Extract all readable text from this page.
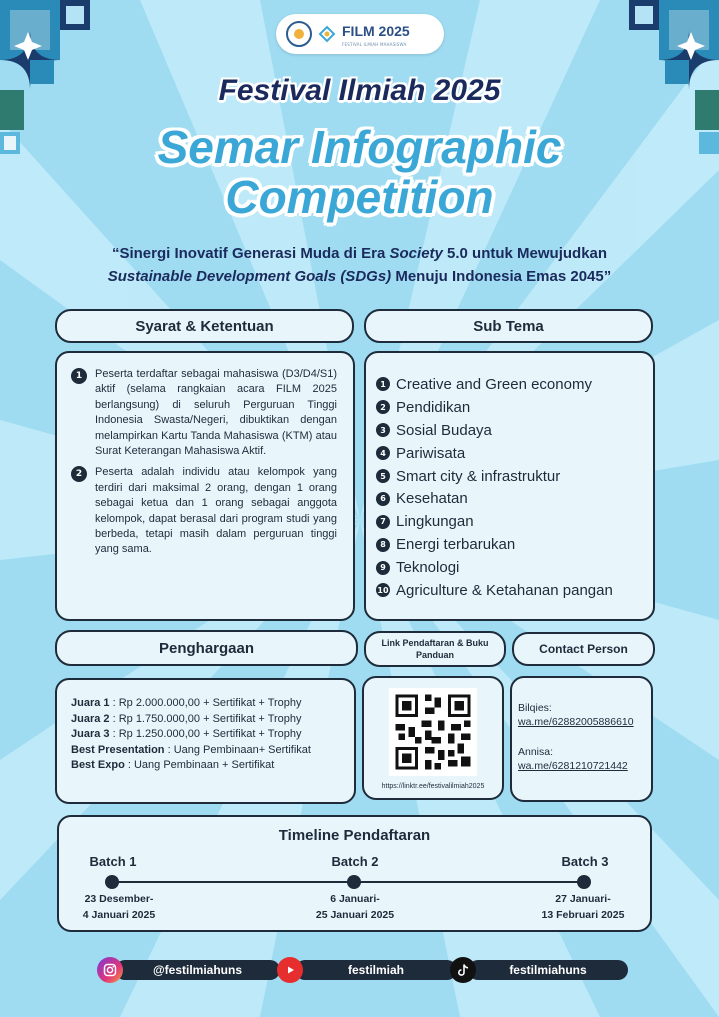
FILM 2025
FESTIVAL ILMIAH MAHASISWA
Festival Ilmiah 2025
Semar Infographic
Competition
“Sinergi Inovatif Generasi Muda di Era Society 5.0 untuk Mewujudkan
Sustainable Development Goals (SDGs) Menuju Indonesia Emas 2045”
Syarat & Ketentuan
1	Peserta terdaftar sebagai mahasiswa (D3/D4/S1) aktif (selama rangkaian acara FILM 2025 berlangsung) di seluruh Perguruan Tinggi Indonesia Swasta/Negeri, dibuktikan dengan melampirkan Kartu Tanda Mahasiswa (KTM) atau Surat Keterangan Mahasiswa Aktif.
2	Peserta adalah individu atau kelompok yang terdiri dari maksimal 2 orang, dengan 1 orang sebagai ketua dan 1 orang sebagai anggota kelompok, dapat berasal dari program studi yang berbeda, tetapi masih dalam perguruan tinggi yang sama.
Sub Tema
1 Creative and Green economy
2 Pendidikan
3 Sosial Budaya
4 Pariwisata
5 Smart city & infrastruktur
6 Kesehatan
7 Lingkungan
8 Energi terbarukan
9 Teknologi
10 Agriculture & Ketahanan pangan
Penghargaan
Juara 1 : Rp 2.000.000,00 + Sertifikat + Trophy
Juara 2 : Rp 1.750.000,00 + Sertifikat + Trophy
Juara 3 : Rp 1.250.000,00 + Sertifikat + Trophy
Best Presentation : Uang Pembinaan+ Sertifikat
Best Expo : Uang Pembinaan + Sertifikat
Link Pendaftaran & Buku Panduan
https://linktr.ee/festivalilmiah2025
Contact Person
Bilqies:
wa.me/62882005886610
Annisa:
wa.me/6281210721442
Timeline Pendaftaran
Batch 1	Batch 2	Batch 3
23 Desember-
4 Januari 2025
6 Januari-
25 Januari 2025
27 Januari-
13 Februari 2025
@festilmiahuns	festilmiah	festilmiahuns
